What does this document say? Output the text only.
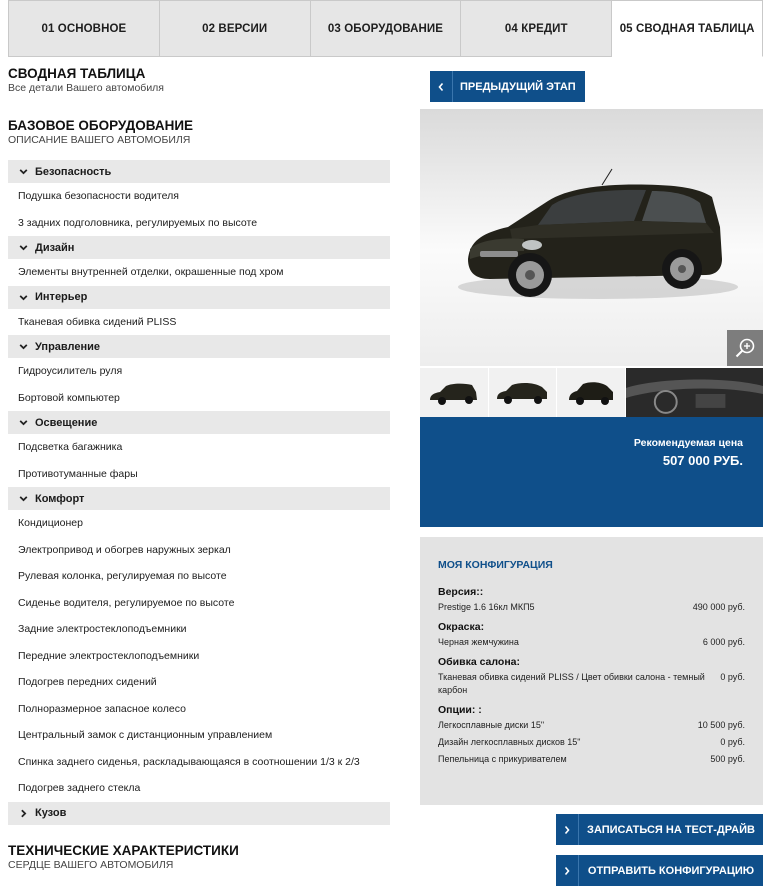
01 ОСНОВНОЕ	02 ВЕРСИИ	03 ОБОРУДОВАНИЕ	04 КРЕДИТ	05 СВОДНАЯ ТАБЛИЦА
СВОДНАЯ ТАБЛИЦА
Все детали Вашего автомобиля
БАЗОВОЕ ОБОРУДОВАНИЕ
ОПИСАНИЕ ВАШЕГО АВТОМОБИЛЯ
Безопасность
Подушка безопасности водителя
3 задних подголовника, регулируемых по высоте
Дизайн
Элементы внутренней отделки, окрашенные под хром
Интерьер
Тканевая обивка сидений PLISS
Управление
Гидроусилитель руля
Бортовой компьютер
Освещение
Подсветка багажника
Противотуманные фары
Комфорт
Кондиционер
Электропривод и обогрев наружных зеркал
Рулевая колонка, регулируемая по высоте
Сиденье водителя, регулируемое по высоте
Задние электростеклоподъемники
Передние электростеклоподъемники
Подогрев передних сидений
Полноразмерное запасное колесо
Центральный замок с дистанционным управлением
Спинка заднего сиденья, раскладывающаяся в соотношении 1/3 к 2/3
Подогрев заднего стекла
Кузов
ТЕХНИЧЕСКИЕ ХАРАКТЕРИСТИКИ
СЕРДЦЕ ВАШЕГО АВТОМОБИЛЯ
ПРЕДЫДУЩИЙ ЭТАП
Рекомендуемая цена
507 000 РУБ.
МОЯ КОНФИГУРАЦИЯ
Версия::
Prestige 1.6 16кл МКП5	490 000 руб.
Окраска:
Черная жемчужина	6 000 руб.
Обивка салона:
Тканевая обивка сидений PLISS / Цвет обивки салона - темный карбон
0 руб.
Опции: :
Легкосплавные диски 15"	10 500 руб.
Дизайн легкосплавных дисков 15"	0 руб.
Пепельница с прикуривателем	500 руб.
ЗАПИСАТЬСЯ НА ТЕСТ-ДРАЙВ
ОТПРАВИТЬ КОНФИГУРАЦИЮ
